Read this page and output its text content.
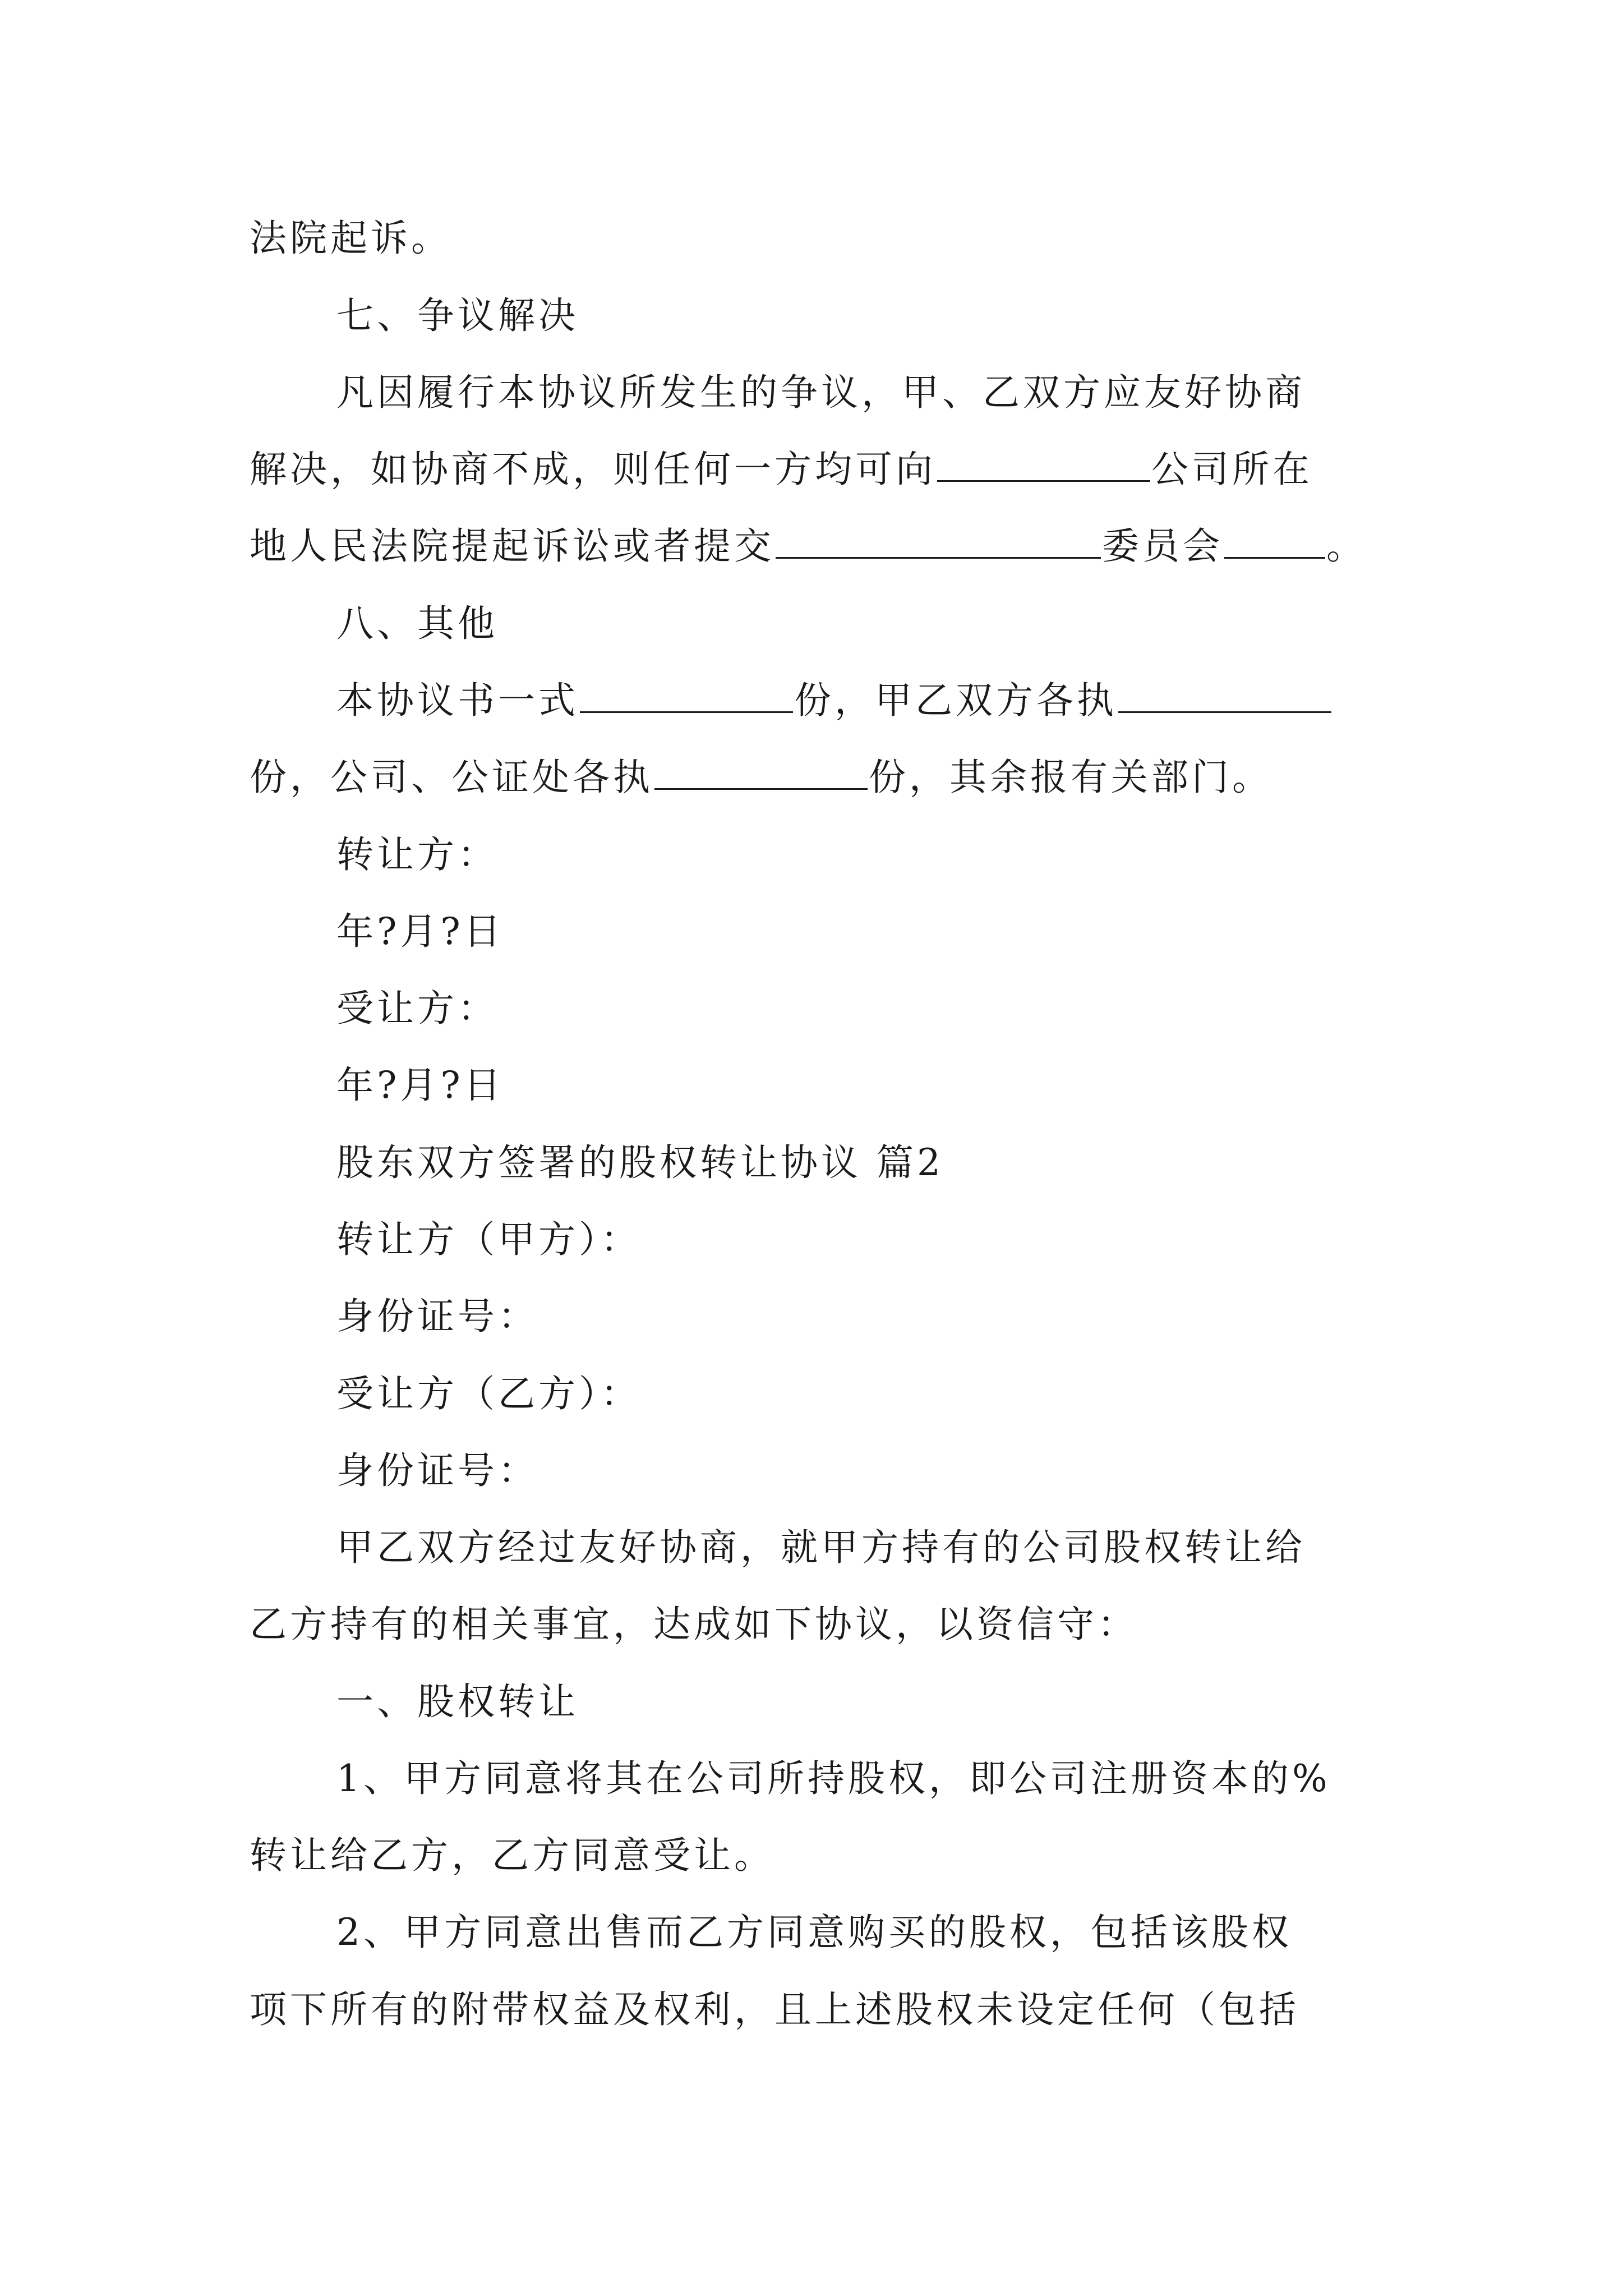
法院起诉。
七、争议解决
凡因履行本协议所发生的争议，甲、乙双方应友好协商
解决，如协商不成，则任何一方均可向	公司所在
地人民法院提起诉讼或者提交	委员会	。
八、其他
本协议书一式	份，甲乙双方各执
份，公司、公证处各执	份，其余报有关部门。
转让方：
年?月?日
受让方：
年?月?日
股东双方签署的股权转让协议 篇2
转让方（甲方）：
身份证号：
受让方（乙方）：
身份证号：
甲乙双方经过友好协商，就甲方持有的公司股权转让给
乙方持有的相关事宜，达成如下协议，以资信守：
一、股权转让
1、甲方同意将其在公司所持股权，即公司注册资本的%
转让给乙方，乙方同意受让。
2、甲方同意出售而乙方同意购买的股权，包括该股权
项下所有的附带权益及权利，且上述股权未设定任何（包括
